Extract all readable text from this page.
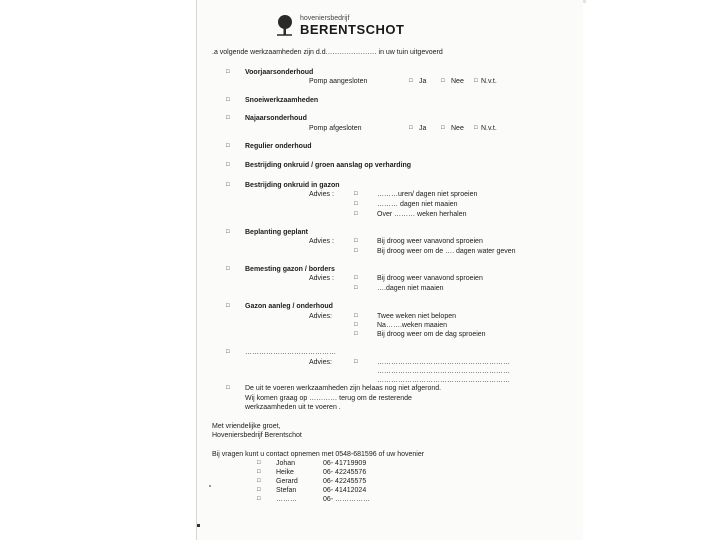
hoveniersbedrijf
BERENTSCHOT
.a volgende werkzaamheden zijn d.d.………………… in uw tuin uitgevoerd
□ Voorjaarsonderhoud
Pomp aangesloten	□ Ja □ Nee □ N.v.t.
□ Snoeiwerkzaamheden
□ Najaarsonderhoud
Pomp afgesloten	□ Ja □ Nee □ N.v.t.
□ Regulier onderhoud
□ Bestrijding onkruid / groen aanslag op verharding
□ Bestrijding onkruid in gazon
Advies :	□	………uren/ dagen niet sproeien
□	……… dagen niet maaien
□	Over ……… weken herhalen
□ Beplanting geplant
Advies :	□	Bij droog weer vanavond sproeien
□	Bij droog weer om de …. dagen water geven
□ Bemesting gazon / borders
Advies :	□	Bij droog weer vanavond sproeien
□	….dagen niet maaien
□ Gazon aanleg / onderhoud
Advies:	□	Twee weken niet belopen
□	Na…….weken maaien
□	Bij droog weer om de dag sproeien
□ …………………………………
Advies:	□	…………………………………………………
…………………………………………………
…………………………………………………
□ De uit te voeren werkzaamheden zijn helaas nog niet afgerond.
Wij komen graag op ………… terug om de resterende
werkzaamheden uit te voeren .
Met vriendelijke groet,
Hoveniersbedrijf Berentschot
Bij vragen kunt u contact opnemen met 0548-681596 of uw hovenier
□ Johan	06- 41719909
□ Heike	06- 42245576
□ Gerard	06- 42245575
□ Stefan	06- 41412024
□ ………	06- ……………
